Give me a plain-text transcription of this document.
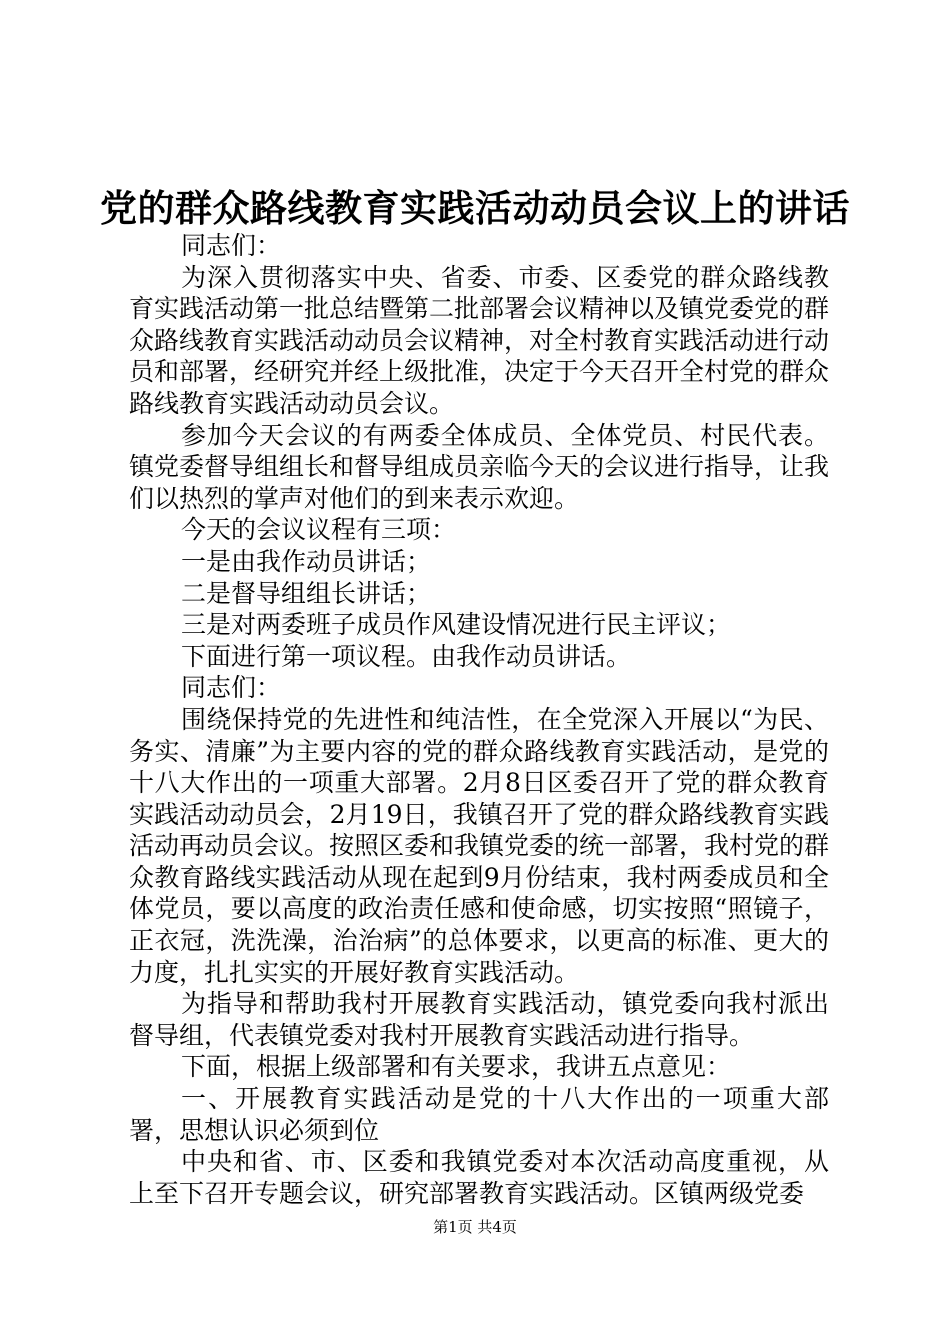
党的群众路线教育实践活动动员会议上的讲话

同志们：

为深入贯彻落实中央、省委、市委、区委党的群众路线教育实践活动第一批总结暨第二批部署会议精神以及镇党委党的群众路线教育实践活动动员会议精神，对全村教育实践活动进行动员和部署，经研究并经上级批准，决定于今天召开全村党的群众路线教育实践活动动员会议。

参加今天会议的有两委全体成员、全体党员、村民代表。镇党委督导组组长和督导组成员亲临今天的会议进行指导，让我们以热烈的掌声对他们的到来表示欢迎。

今天的会议议程有三项：

一是由我作动员讲话；

二是督导组组长讲话；

三是对两委班子成员作风建设情况进行民主评议；

下面进行第一项议程。由我作动员讲话。

同志们：

围绕保持党的先进性和纯洁性，在全党深入开展以“为民、务实、清廉”为主要内容的党的群众路线教育实践活动，是党的十八大作出的一项重大部署。2月8日区委召开了党的群众教育实践活动动员会，2月19日，我镇召开了党的群众路线教育实践活动再动员会议。按照区委和我镇党委的统一部署，我村党的群众教育路线实践活动从现在起到9月份结束，我村两委成员和全体党员，要以高度的政治责任感和使命感，切实按照“照镜子，正衣冠，洗洗澡，治治病”的总体要求，以更高的标准、更大的力度，扎扎实实的开展好教育实践活动。

为指导和帮助我村开展教育实践活动，镇党委向我村派出督导组，代表镇党委对我村开展教育实践活动进行指导。

下面，根据上级部署和有关要求，我讲五点意见：

一、开展教育实践活动是党的十八大作出的一项重大部署，思想认识必须到位

中央和省、市、区委和我镇党委对本次活动高度重视，从上至下召开专题会议，研究部署教育实践活动。区镇两级党委

第1页 共4页
